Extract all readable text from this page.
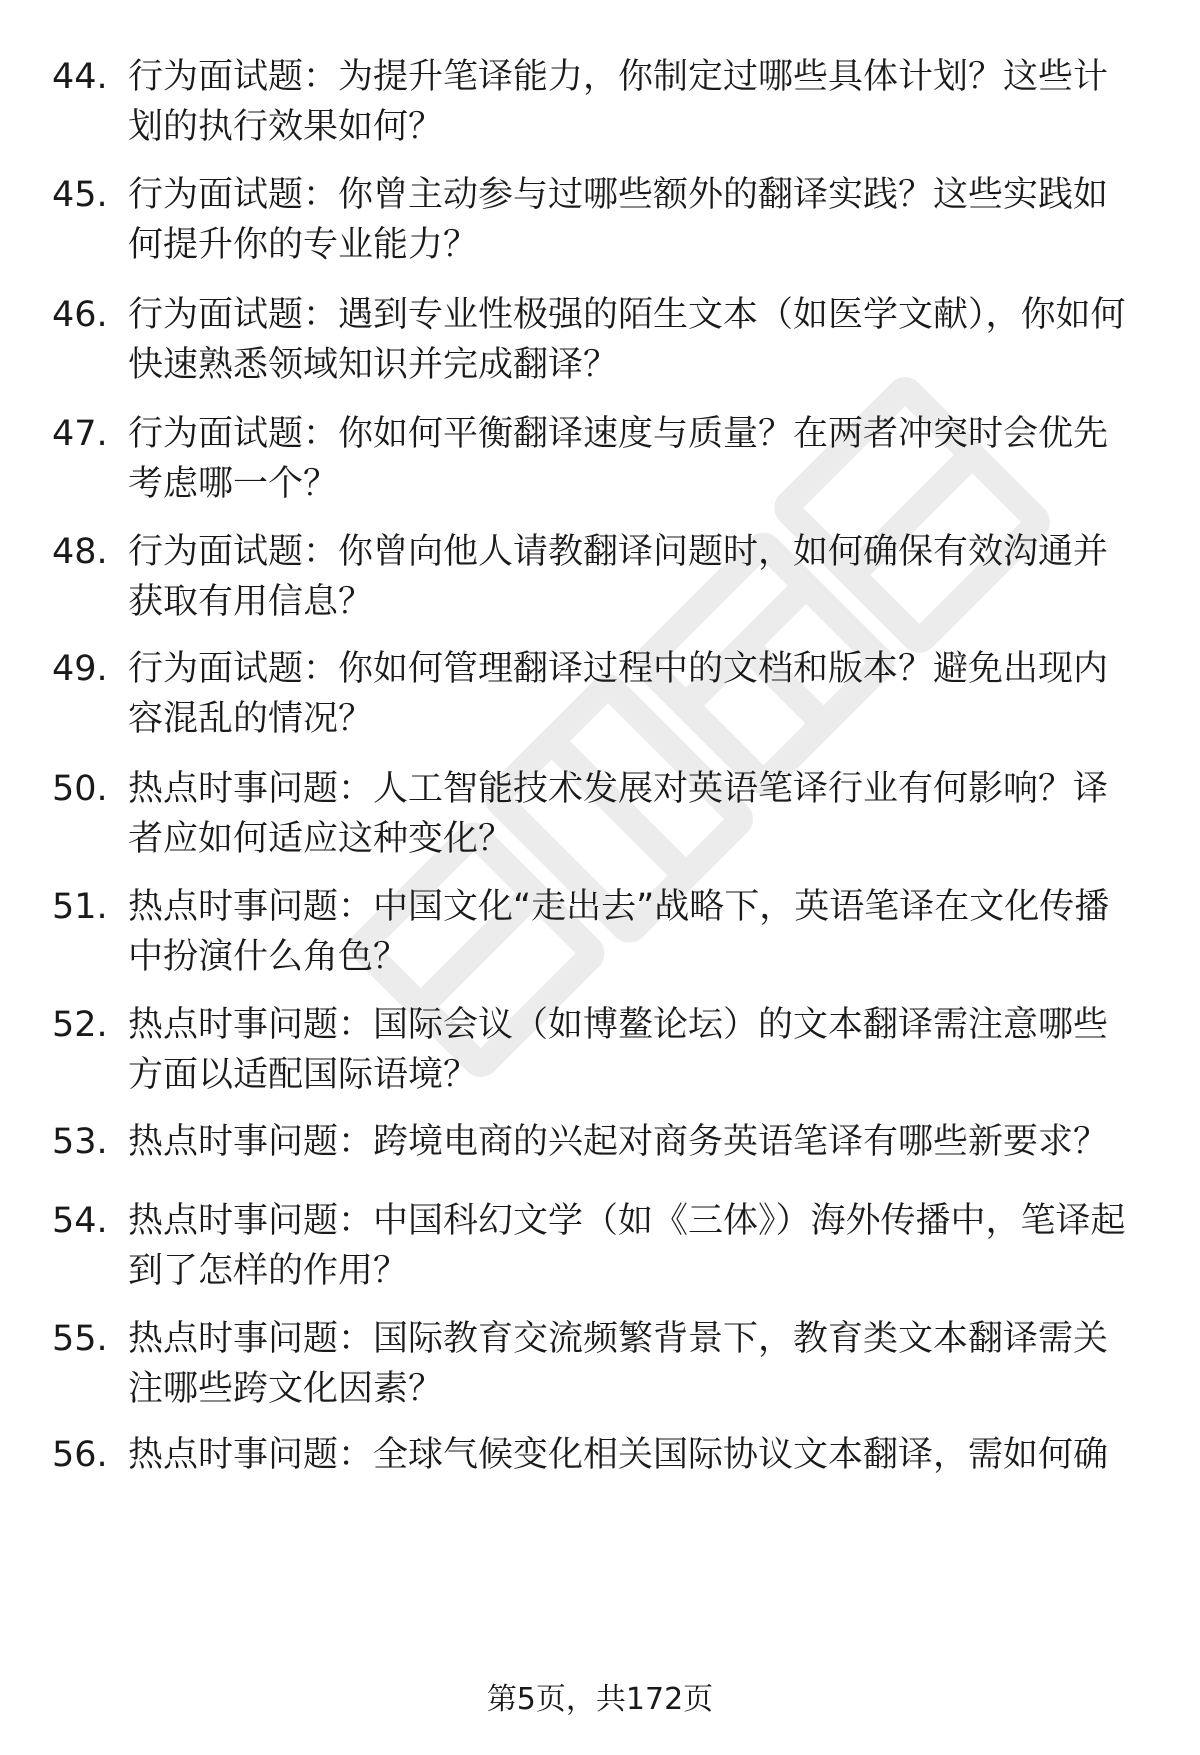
44. 行为面试题：为提升笔译能力，你制定过哪些具体计划？这些计划的执行效果如何？
45. 行为面试题：你曾主动参与过哪些额外的翻译实践？这些实践如何提升你的专业能力？
46. 行为面试题：遇到专业性极强的陌生文本（如医学文献），你如何快速熟悉领域知识并完成翻译？
47. 行为面试题：你如何平衡翻译速度与质量？在两者冲突时会优先考虑哪一个？
48. 行为面试题：你曾向他人请教翻译问题时，如何确保有效沟通并获取有用信息？
49. 行为面试题：你如何管理翻译过程中的文档和版本？避免出现内容混乱的情况？
50. 热点时事问题：人工智能技术发展对英语笔译行业有何影响？译者应如何适应这种变化？
51. 热点时事问题：中国文化“走出去”战略下，英语笔译在文化传播中扮演什么角色？
52. 热点时事问题：国际会议（如博鳌论坛）的文本翻译需注意哪些方面以适配国际语境？
53. 热点时事问题：跨境电商的兴起对商务英语笔译有哪些新要求？
54. 热点时事问题：中国科幻文学（如《三体》）海外传播中，笔译起到了怎样的作用？
55. 热点时事问题：国际教育交流频繁背景下，教育类文本翻译需关注哪些跨文化因素？
56. 热点时事问题：全球气候变化相关国际协议文本翻译，需如何确
第5页，共172页
